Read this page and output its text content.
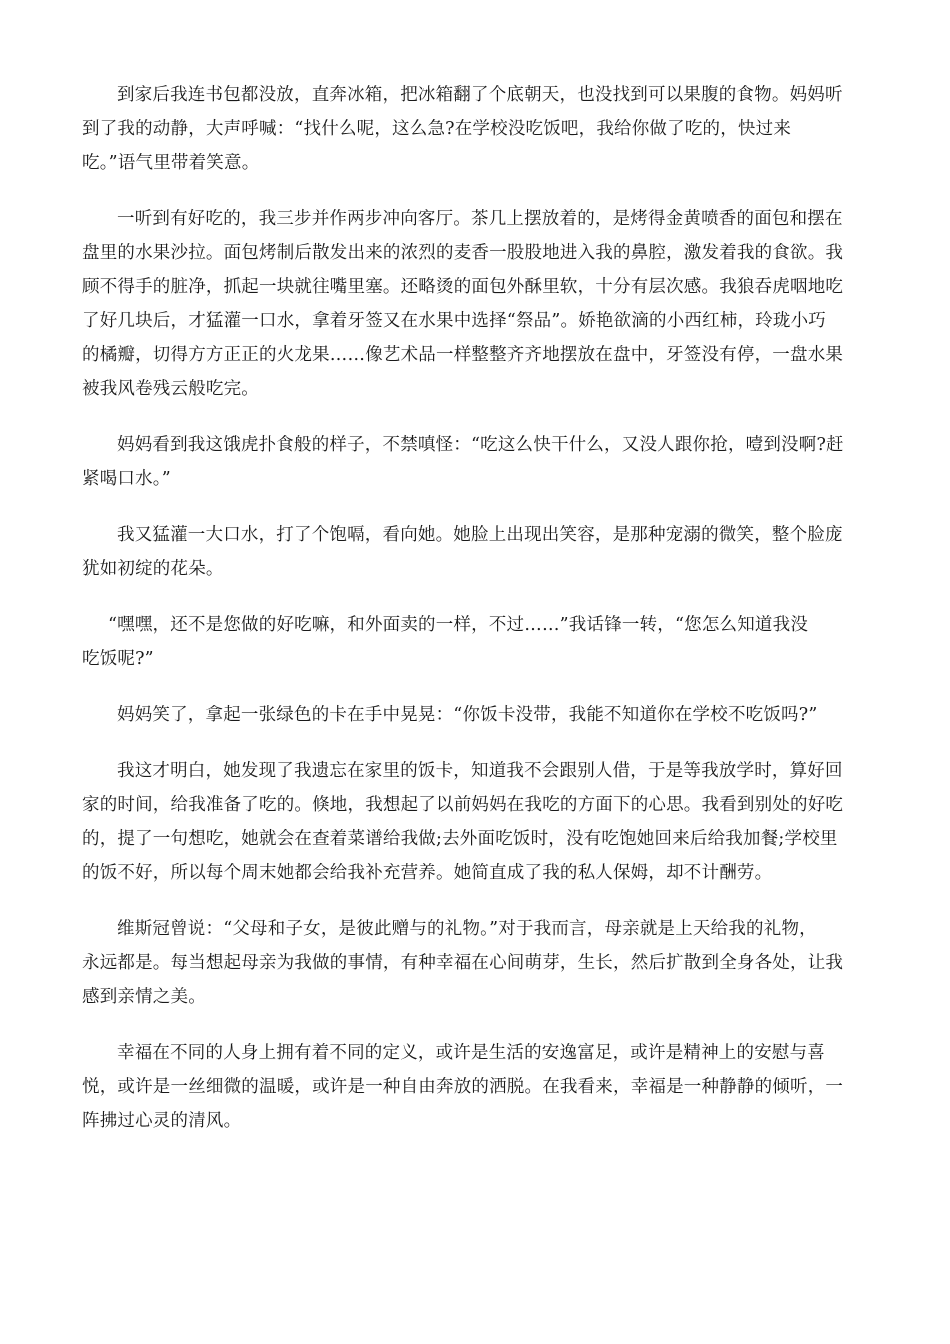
到家后我连书包都没放，直奔冰箱，把冰箱翻了个底朝天，也没找到可以果腹的食物。妈妈听
到了我的动静，大声呼喊：“找什么呢，这么急?在学校没吃饭吧，我给你做了吃的，快过来
吃。”语气里带着笑意。

一听到有好吃的，我三步并作两步冲向客厅。茶几上摆放着的，是烤得金黄喷香的面包和摆在
盘里的水果沙拉。面包烤制后散发出来的浓烈的麦香一股股地进入我的鼻腔，激发着我的食欲。我
顾不得手的脏净，抓起一块就往嘴里塞。还略烫的面包外酥里软，十分有层次感。我狼吞虎咽地吃
了好几块后，才猛灌一口水，拿着牙签又在水果中选择“祭品”。娇艳欲滴的小西红柿，玲珑小巧
的橘瓣，切得方方正正的火龙果……像艺术品一样整整齐齐地摆放在盘中，牙签没有停，一盘水果
被我风卷残云般吃完。

妈妈看到我这饿虎扑食般的样子，不禁嗔怪：“吃这么快干什么，又没人跟你抢，噎到没啊?赶
紧喝口水。”

我又猛灌一大口水，打了个饱嗝，看向她。她脸上出现出笑容，是那种宠溺的微笑，整个脸庞
犹如初绽的花朵。

“嘿嘿，还不是您做的好吃嘛，和外面卖的一样，不过……”我话锋一转，“您怎么知道我没
吃饭呢?”

妈妈笑了，拿起一张绿色的卡在手中晃晃：“你饭卡没带，我能不知道你在学校不吃饭吗?”

我这才明白，她发现了我遗忘在家里的饭卡，知道我不会跟别人借，于是等我放学时，算好回
家的时间，给我准备了吃的。倏地，我想起了以前妈妈在我吃的方面下的心思。我看到别处的好吃
的，提了一句想吃，她就会在查着菜谱给我做;去外面吃饭时，没有吃饱她回来后给我加餐;学校里
的饭不好，所以每个周末她都会给我补充营养。她简直成了我的私人保姆，却不计酬劳。

维斯冠曾说：“父母和子女，是彼此赠与的礼物。”对于我而言，母亲就是上天给我的礼物，
永远都是。每当想起母亲为我做的事情，有种幸福在心间萌芽，生长，然后扩散到全身各处，让我
感到亲情之美。

幸福在不同的人身上拥有着不同的定义，或许是生活的安逸富足，或许是精神上的安慰与喜
悦，或许是一丝细微的温暖，或许是一种自由奔放的洒脱。在我看来，幸福是一种静静的倾听，一
阵拂过心灵的清风。
